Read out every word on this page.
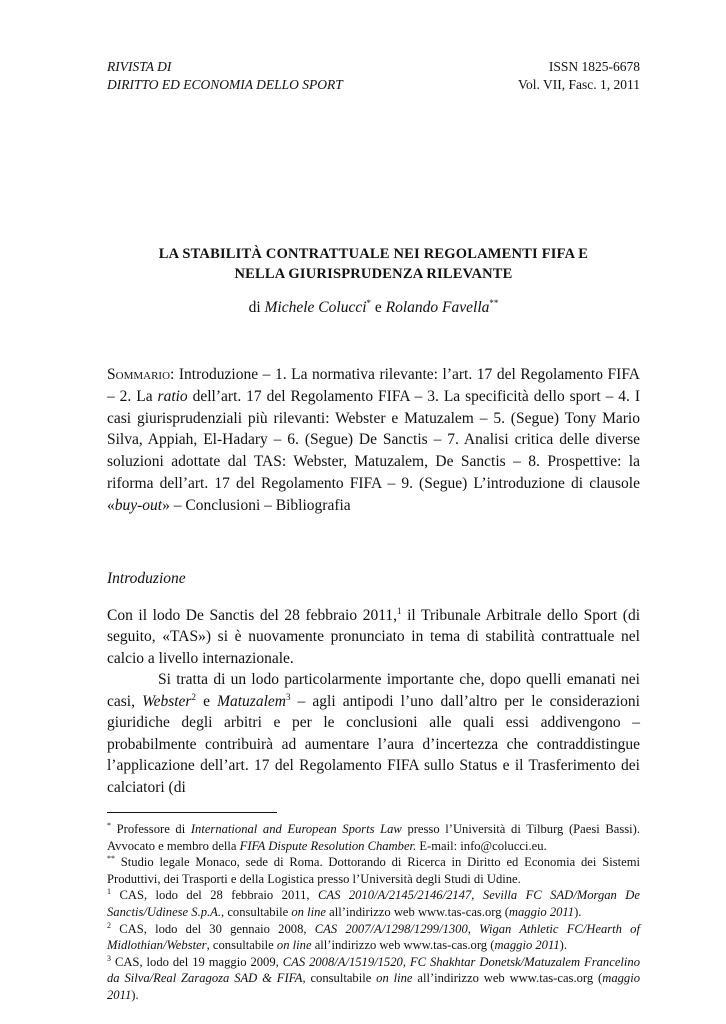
RIVISTA DI
DIRITTO ED ECONOMIA DELLO SPORT
ISSN 1825-6678
Vol. VII, Fasc. 1, 2011
LA STABILITÀ CONTRATTUALE NEI REGOLAMENTI FIFA E
NELLA GIURISPRUDENZA RILEVANTE
di Michele Colucci* e Rolando Favella**
Sommario: Introduzione – 1. La normativa rilevante: l’art. 17 del Regolamento FIFA – 2. La ratio dell’art. 17 del Regolamento FIFA – 3. La specificità dello sport – 4. I casi giurisprudenziali più rilevanti: Webster e Matuzalem – 5. (Segue) Tony Mario Silva, Appiah, El-Hadary – 6. (Segue) De Sanctis – 7. Analisi critica delle diverse soluzioni adottate dal TAS: Webster, Matuzalem, De Sanctis – 8. Prospettive: la riforma dell’art. 17 del Regolamento FIFA – 9. (Segue) L’introduzione di clausole «buy-out» – Conclusioni – Bibliografia
Introduzione

Con il lodo De Sanctis del 28 febbraio 2011,$^1$ il Tribunale Arbitrale dello Sport (di seguito, «TAS») si è nuovamente pronunciato in tema di stabilità contrattuale nel calcio a livello internazionale.

Si tratta di un lodo particolarmente importante che, dopo quelli emanati nei casi, Webster$^2$ e Matuzalem$^3$ – agli antipodi l’uno dall’altro per le considerazioni giuridiche degli arbitri e per le conclusioni alle quali essi addivengono – probabilmente contribuirà ad aumentare l’aura d’incertezza che contraddistingue l’applicazione dell’art. 17 del Regolamento FIFA sullo Status e il Trasferimento dei calciatori (di

* Professore di International and European Sports Law presso l’Università di Tilburg (Paesi Bassi). Avvocato e membro della FIFA Dispute Resolution Chamber. E-mail: info@colucci.eu.

** Studio legale Monaco, sede di Roma. Dottorando di Ricerca in Diritto ed Economia dei Sistemi Produttivi, dei Trasporti e della Logistica presso l’Università degli Studi di Udine.

$^1$ CAS, lodo del 28 febbraio 2011, CAS 2010/A/2145/2146/2147, Sevilla FC SAD/Morgan De Sanctis/Udinese S.p.A., consultabile on line all’indirizzo web www.tas-cas.org (maggio 2011).

$^2$ CAS, lodo del 30 gennaio 2008, CAS 2007/A/1298/1299/1300, Wigan Athletic FC/Hearth of Midlothian/Webster, consultabile on line all’indirizzo web www.tas-cas.org (maggio 2011).

$^3$ CAS, lodo del 19 maggio 2009, CAS 2008/A/1519/1520, FC Shakhtar Donetsk/Matuzalem Francelino da Silva/Real Zaragoza SAD & FIFA, consultabile on line all’indirizzo web www.tas-cas.org (maggio 2011).
